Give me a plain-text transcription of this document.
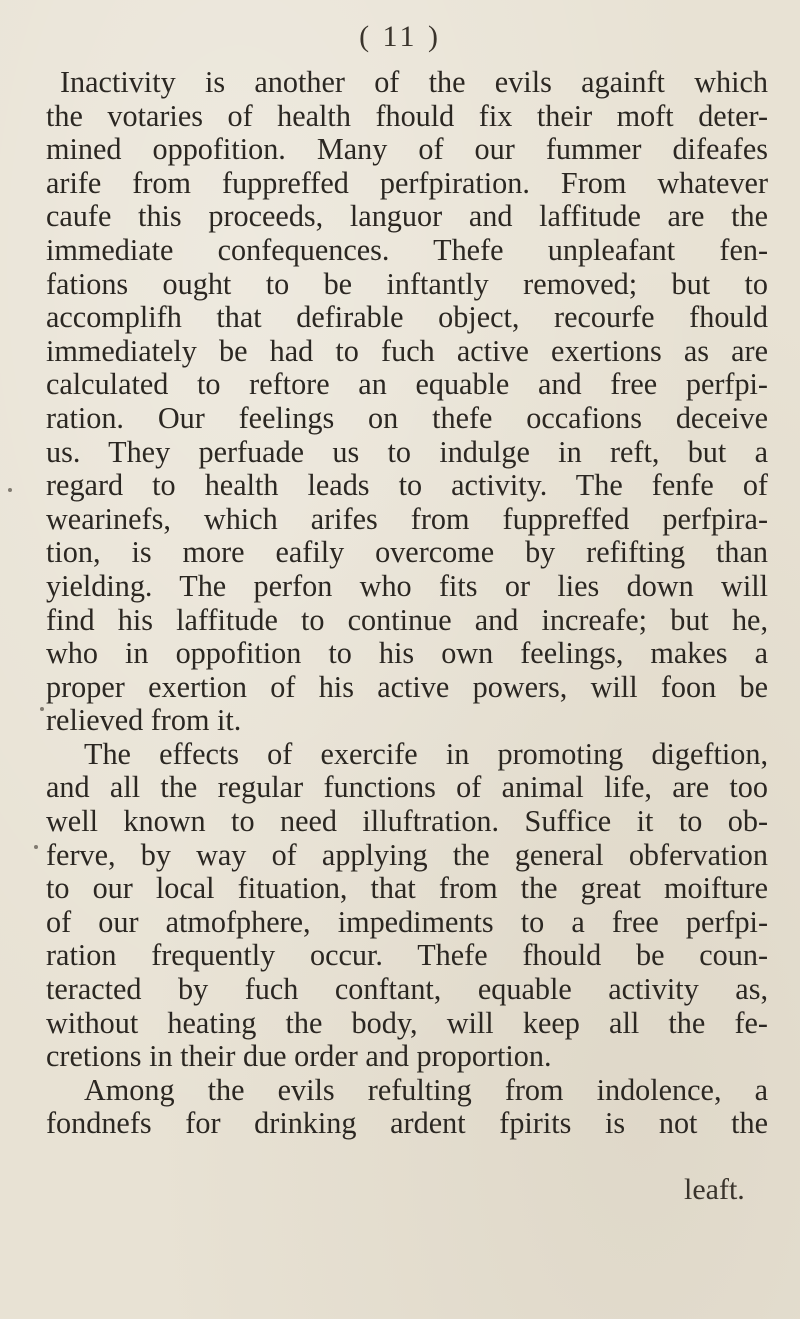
( 11 )
Inactivity is another of the evils againft which
the votaries of health fhould fix their moft deter-
mined oppofition. Many of our fummer difeafes
arife from fuppreffed perfpiration. From whatever
caufe this proceeds, languor and laffitude are the
immediate confequences. Thefe unpleafant fen-
fations ought to be inftantly removed; but to
accomplifh that defirable object, recourfe fhould
immediately be had to fuch active exertions as are
calculated to reftore an equable and free perfpi-
ration. Our feelings on thefe occafions deceive
us. They perfuade us to indulge in reft, but a
regard to health leads to activity. The fenfe of
wearinefs, which arifes from fuppreffed perfpira-
tion, is more eafily overcome by refifting than
yielding. The perfon who fits or lies down will
find his laffitude to continue and increafe; but he,
who in oppofition to his own feelings, makes a
proper exertion of his active powers, will foon be
relieved from it.
The effects of exercife in promoting digeftion,
and all the regular functions of animal life, are too
well known to need illuftration. Suffice it to ob-
ferve, by way of applying the general obfervation
to our local fituation, that from the great moifture
of our atmofphere, impediments to a free perfpi-
ration frequently occur. Thefe fhould be coun-
teracted by fuch conftant, equable activity as,
without heating the body, will keep all the fe-
cretions in their due order and proportion.
Among the evils refulting from indolence, a
fondnefs for drinking ardent fpirits is not the
leaft.
